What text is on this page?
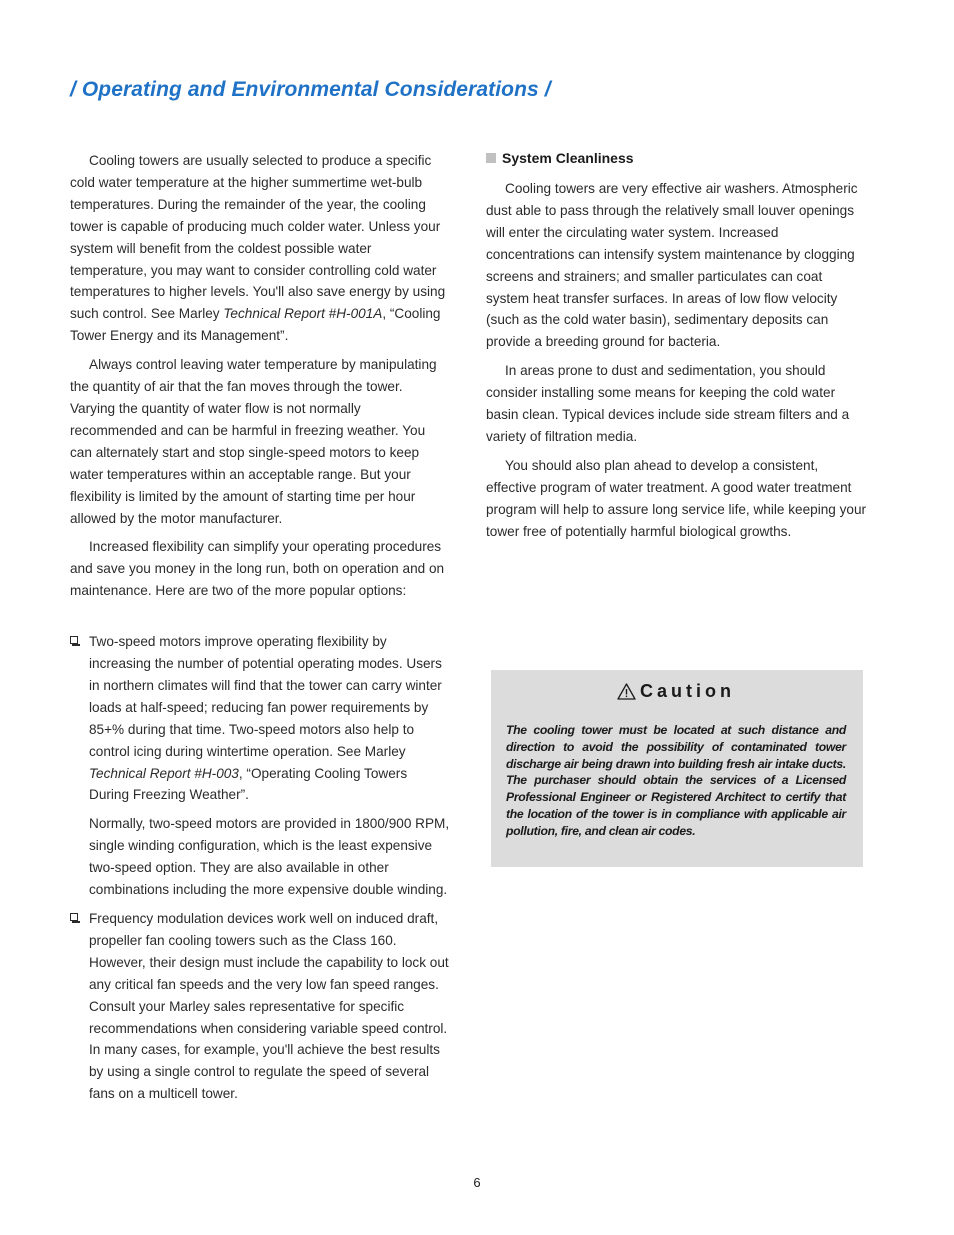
/ Operating and Environmental Considerations /

Cooling towers are usually selected to produce a specific cold water temperature at the higher summertime wet-bulb temperatures. During the remainder of the year, the cooling tower is capable of producing much colder water. Unless your system will benefit from the coldest possible water temperature, you may want to consider controlling cold water temperatures to higher levels. You'll also save energy by using such control. See Marley Technical Report #H-001A, “Cooling Tower Energy and its Management”.

Always control leaving water temperature by manipulating the quantity of air that the fan moves through the tower. Varying the quantity of water flow is not normally recommended and can be harmful in freezing weather. You can alternately start and stop single-speed motors to keep water temperatures within an acceptable range. But your flexibility is limited by the amount of starting time per hour allowed by the motor manufacturer.

Increased flexibility can simplify your operating procedures and save you money in the long run, both on operation and on maintenance. Here are two of the more popular options:

Two-speed motors improve operating flexibility by increasing the number of potential operating modes. Users in northern climates will find that the tower can carry winter loads at half-speed; reducing fan power requirements by 85+% during that time. Two-speed motors also help to control icing during wintertime operation. See Marley Technical Report #H-003, “Operating Cooling Towers During Freezing Weather”.

Normally, two-speed motors are provided in 1800/900 RPM, single winding configuration, which is the least expensive two-speed option. They are also available in other combinations including the more expensive double winding.

Frequency modulation devices work well on induced draft, propeller fan cooling towers such as the Class 160. However, their design must include the capability to lock out any critical fan speeds and the very low fan speed ranges. Consult your Marley sales representative for specific recommendations when considering variable speed control. In many cases, for example, you'll achieve the best results by using a single control to regulate the speed of several fans on a multicell tower.

System Cleanliness

Cooling towers are very effective air washers. Atmospheric dust able to pass through the relatively small louver openings will enter the circulating water system. Increased concentrations can intensify system maintenance by clogging screens and strainers; and smaller particulates can coat system heat transfer surfaces. In areas of low flow velocity (such as the cold water basin), sedimentary deposits can provide a breeding ground for bacteria.

In areas prone to dust and sedimentation, you should consider installing some means for keeping the cold water basin clean. Typical devices include side stream filters and a variety of filtration media.

You should also plan ahead to develop a consistent, effective program of water treatment. A good water treatment program will help to assure long service life, while keeping your tower free of potentially harmful biological growths.

Caution
The cooling tower must be located at such distance and direction to avoid the possibility of contaminated tower discharge air being drawn into building fresh air intake ducts. The purchaser should obtain the services of a Licensed Professional Engineer or Registered Architect to certify that the location of the tower is in compliance with applicable air pollution, fire, and clean air codes.
6
